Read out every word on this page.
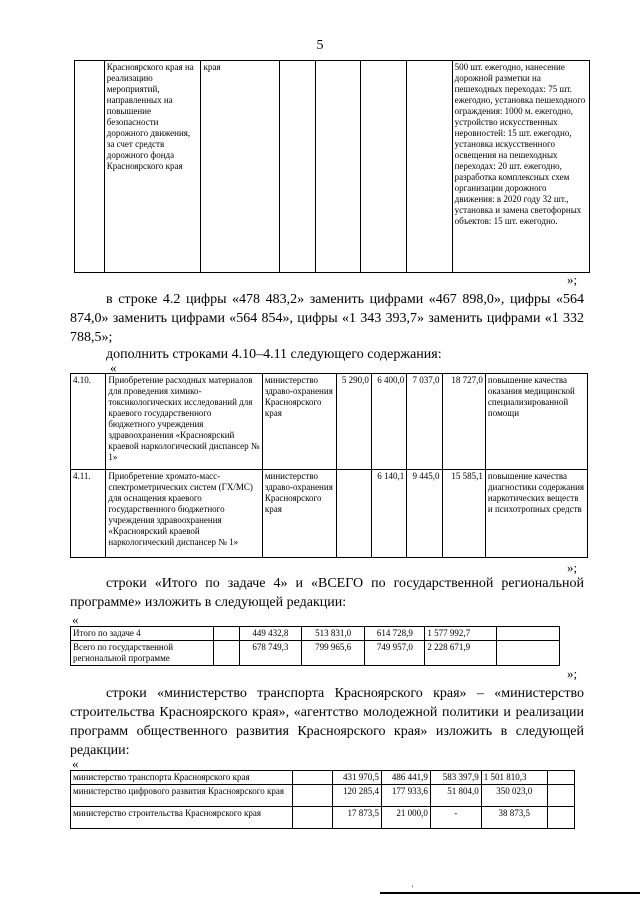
5
	Красноярского края на реализацию мероприятий, направленных на повышение безопасности дорожного движения, за счет средств дорожного фонда Красноярского края	края					500 шт. ежегодно, нанесение дорожной разметки на пешеходных переходах: 75 шт. ежегодно, установка пешеходного ограждения: 1000 м. ежегодно, устройство искусственных неровностей: 15 шт. ежегодно, установка искусственного освещения на пешеходных переходах: 20 шт. ежегодно, разработка комплексных схем организации дорожного движения: в 2020 году 32 шт., установка и замена светофорных объектов: 15 шт. ежегодно.
»;
в строке 4.2 цифры «478 483,2» заменить цифрами «467 898,0», цифры «564 874,0» заменить цифрами «564 854», цифры «1 343 393,7» заменить цифрами «1 332 788,5»;
дополнить строками 4.10–4.11 следующего содержания:
«
4.10.	Приобретение расходных материалов для проведения химико-токсикологических исследований для краевого государственного бюджетного учреждения здравоохранения «Красноярский краевой наркологический диспансер № 1»	министерство здраво-охранения Красноярского края	5 290,0	6 400,0	7 037,0	18 727,0	повышение качества оказания медицинской специализированной помощи
4.11.	Приобретение хромато-масс-спектрометрических систем (ГХ/МС) для оснащения краевого государственного бюджетного учреждения здравоохранения «Красноярский краевой наркологический диспансер № 1»	министерство здраво-охранения Красноярского края		6 140,1	9 445,0	15 585,1	повышение качества диагностики содержания наркотических веществ и психотропных средств
»;
строки «Итого по задаче 4» и «ВСЕГО по государственной региональной программе» изложить в следующей редакции:
«
Итого по задаче 4		449 432,8	513 831,0	614 728,9	1 577 992,7	
Всего по государственной региональной программе		678 749,3	799 965,6	749 957,0	2 228 671,9	
»;
строки «министерство транспорта Красноярского края» – «министерство строительства Красноярского края», «агентство молодежной политики и реализации программ общественного развития Красноярского края» изложить в следующей редакции:
«
министерство транспорта Красноярского края		431 970,5	486 441,9	583 397,9	1 501 810,3	
министерство цифрового развития Красноярского края		120 285,4	177 933,6	51 804,0	350 023,0	
министерство строительства Красноярского края		17 873,5	21 000,0	-	38 873,5	
'
